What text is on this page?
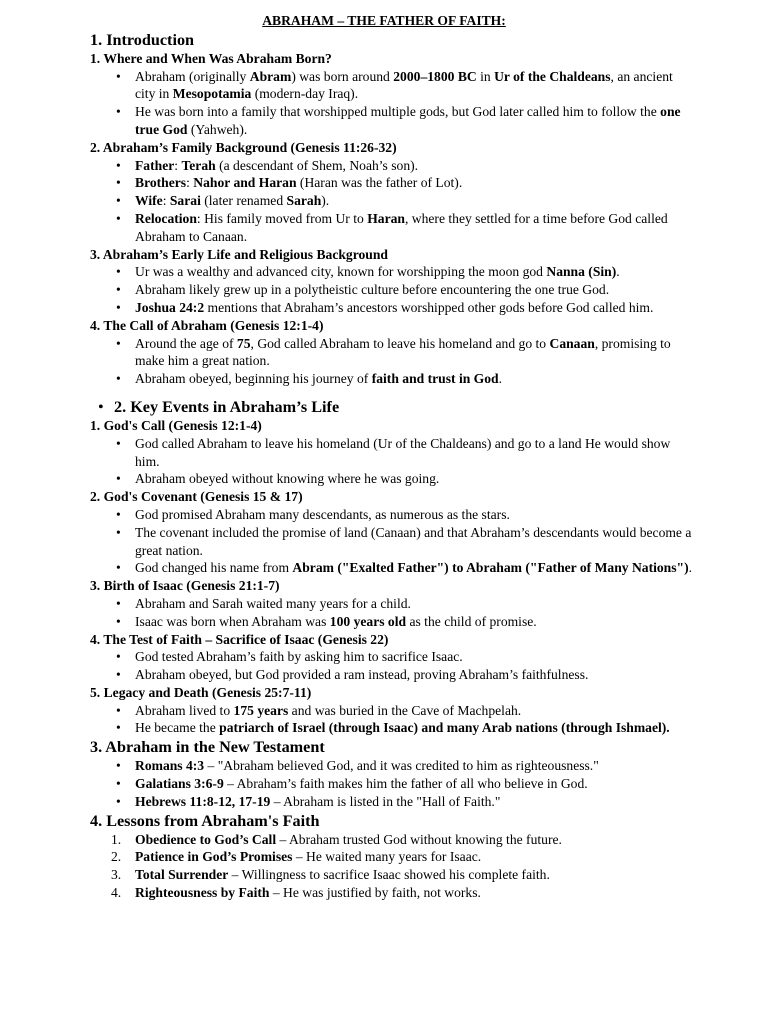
ABRAHAM – THE FATHER OF FAITH:
1. Introduction
1. Where and When Was Abraham Born?
• Abraham (originally Abram) was born around 2000–1800 BC in Ur of the Chaldeans, an ancient city in Mesopotamia (modern-day Iraq).
• He was born into a family that worshipped multiple gods, but God later called him to follow the one true God (Yahweh).
2. Abraham’s Family Background (Genesis 11:26-32)
• Father: Terah (a descendant of Shem, Noah’s son).
• Brothers: Nahor and Haran (Haran was the father of Lot).
• Wife: Sarai (later renamed Sarah).
• Relocation: His family moved from Ur to Haran, where they settled for a time before God called Abraham to Canaan.
3. Abraham’s Early Life and Religious Background
• Ur was a wealthy and advanced city, known for worshipping the moon god Nanna (Sin).
• Abraham likely grew up in a polytheistic culture before encountering the one true God.
• Joshua 24:2 mentions that Abraham’s ancestors worshipped other gods before God called him.
4. The Call of Abraham (Genesis 12:1-4)
• Around the age of 75, God called Abraham to leave his homeland and go to Canaan, promising to make him a great nation.
• Abraham obeyed, beginning his journey of faith and trust in God.
• 2. Key Events in Abraham’s Life
1. God's Call (Genesis 12:1-4)
• God called Abraham to leave his homeland (Ur of the Chaldeans) and go to a land He would show him.
• Abraham obeyed without knowing where he was going.
2. God's Covenant (Genesis 15 & 17)
• God promised Abraham many descendants, as numerous as the stars.
• The covenant included the promise of land (Canaan) and that Abraham’s descendants would become a great nation.
• God changed his name from Abram ("Exalted Father") to Abraham ("Father of Many Nations").
3. Birth of Isaac (Genesis 21:1-7)
• Abraham and Sarah waited many years for a child.
• Isaac was born when Abraham was 100 years old as the child of promise.
4. The Test of Faith – Sacrifice of Isaac (Genesis 22)
• God tested Abraham’s faith by asking him to sacrifice Isaac.
• Abraham obeyed, but God provided a ram instead, proving Abraham’s faithfulness.
5. Legacy and Death (Genesis 25:7-11)
• Abraham lived to 175 years and was buried in the Cave of Machpelah.
• He became the patriarch of Israel (through Isaac) and many Arab nations (through Ishmael).
3. Abraham in the New Testament
• Romans 4:3 – "Abraham believed God, and it was credited to him as righteousness."
• Galatians 3:6-9 – Abraham’s faith makes him the father of all who believe in God.
• Hebrews 11:8-12, 17-19 – Abraham is listed in the "Hall of Faith."
4. Lessons from Abraham's Faith
1. Obedience to God’s Call – Abraham trusted God without knowing the future.
2. Patience in God’s Promises – He waited many years for Isaac.
3. Total Surrender – Willingness to sacrifice Isaac showed his complete faith.
4. Righteousness by Faith – He was justified by faith, not works.
